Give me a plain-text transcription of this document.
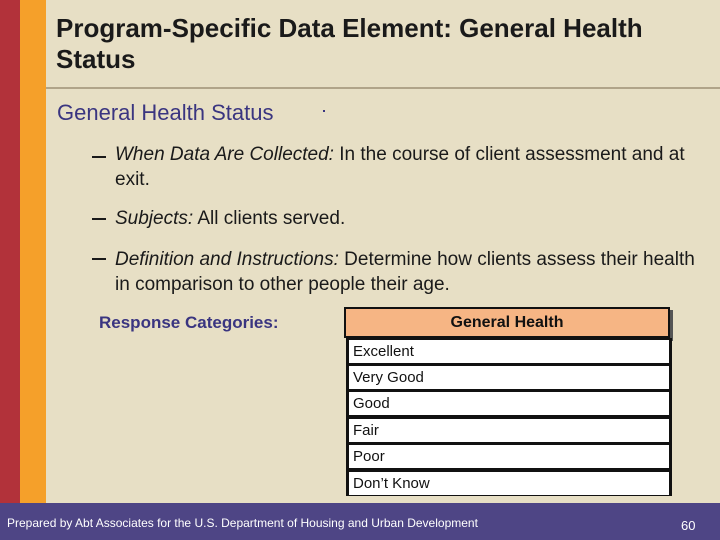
Program-Specific Data Element: General Health Status
General Health Status
When Data Are Collected: In the course of client assessment and at exit.
Subjects: All clients served.
Definition and Instructions: Determine how clients assess their health in comparison to other people their age.
Response Categories:	General Health
Excellent
Very Good
Good
Fair
Poor
Don’t Know
Prepared by Abt Associates for the U.S. Department of Housing and Urban Development	60
